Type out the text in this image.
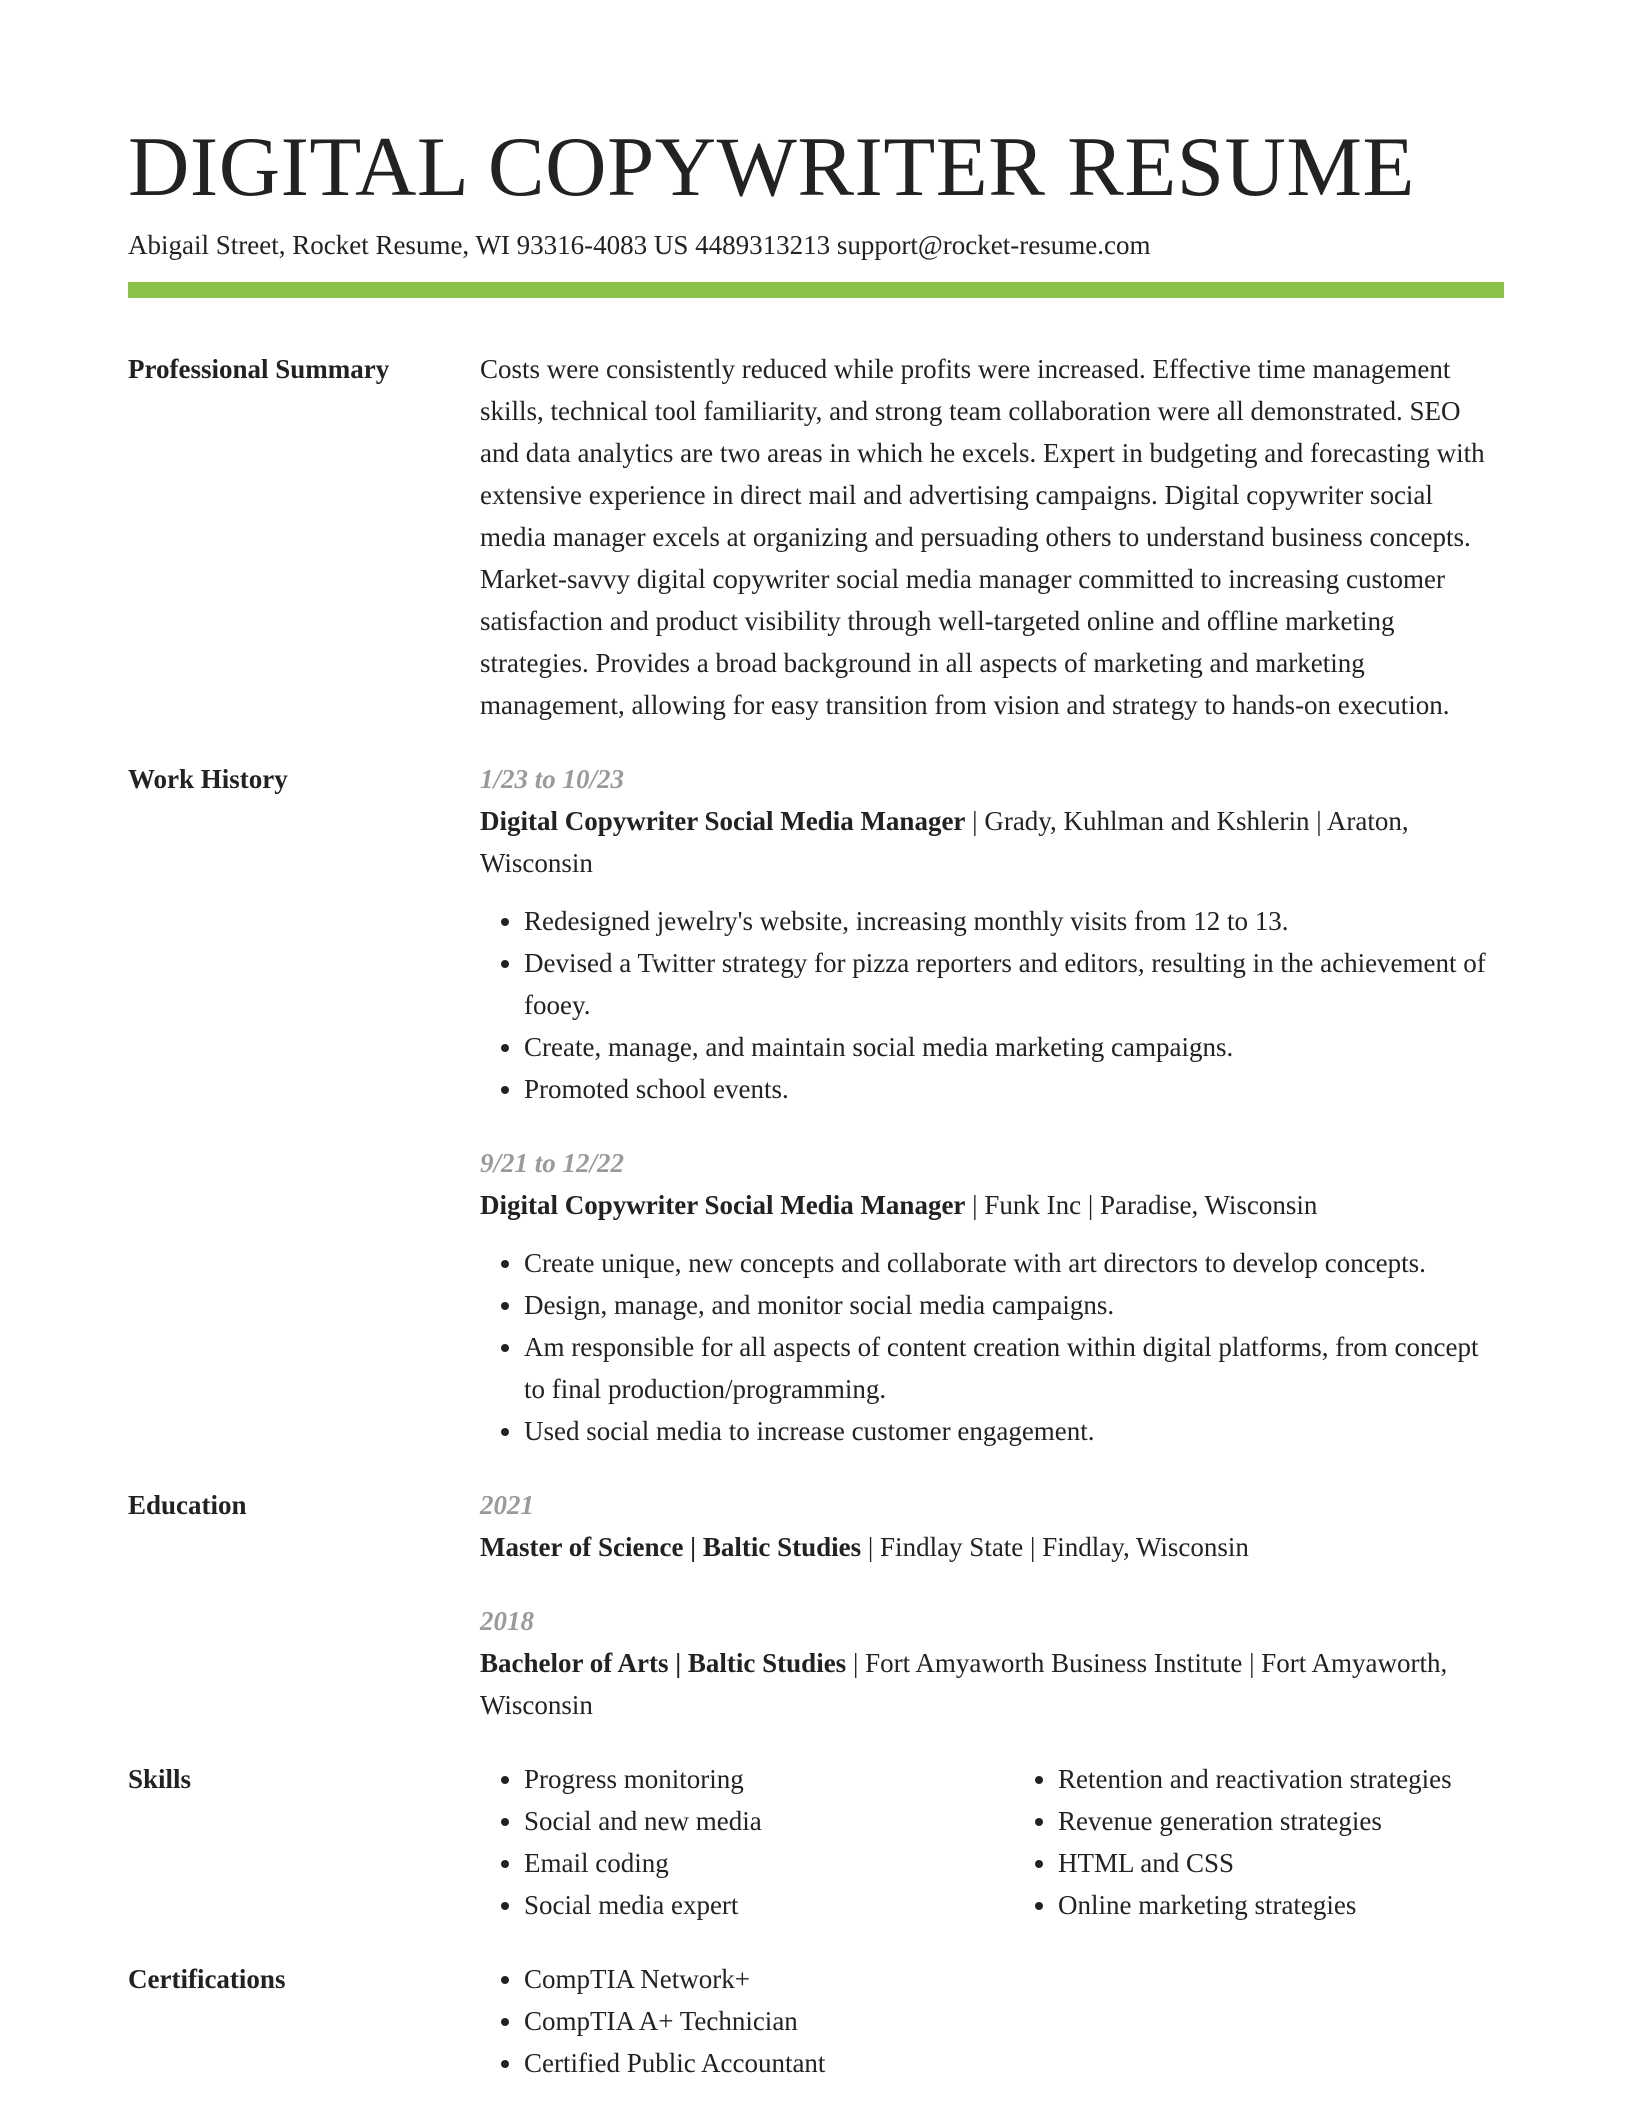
DIGITAL COPYWRITER RESUME
Abigail Street, Rocket Resume, WI 93316-4083 US 4489313213 support@rocket-resume.com
Professional Summary	Costs were consistently reduced while profits were increased. Effective time management skills, technical tool familiarity, and strong team collaboration were all demonstrated. SEO and data analytics are two areas in which he excels. Expert in budgeting and forecasting with extensive experience in direct mail and advertising campaigns. Digital copywriter social media manager excels at organizing and persuading others to understand business concepts. Market-savvy digital copywriter social media manager committed to increasing customer satisfaction and product visibility through well-targeted online and offline marketing strategies. Provides a broad background in all aspects of marketing and marketing management, allowing for easy transition from vision and strategy to hands-on execution.
Work History	1/23 to 10/23
Digital Copywriter Social Media Manager | Grady, Kuhlman and Kshlerin | Araton, Wisconsin
• Redesigned jewelry's website, increasing monthly visits from 12 to 13.
• Devised a Twitter strategy for pizza reporters and editors, resulting in the achievement of fooey.
• Create, manage, and maintain social media marketing campaigns.
• Promoted school events.
9/21 to 12/22
Digital Copywriter Social Media Manager | Funk Inc | Paradise, Wisconsin
• Create unique, new concepts and collaborate with art directors to develop concepts.
• Design, manage, and monitor social media campaigns.
• Am responsible for all aspects of content creation within digital platforms, from concept to final production/programming.
• Used social media to increase customer engagement.
Education	2021
Master of Science | Baltic Studies | Findlay State | Findlay, Wisconsin
2018
Bachelor of Arts | Baltic Studies | Fort Amyaworth Business Institute | Fort Amyaworth, Wisconsin
Skills	• Progress monitoring
• Social and new media
• Email coding
• Social media expert
• Retention and reactivation strategies
• Revenue generation strategies
• HTML and CSS
• Online marketing strategies
Certifications	• CompTIA Network+
• CompTIA A+ Technician
• Certified Public Accountant
